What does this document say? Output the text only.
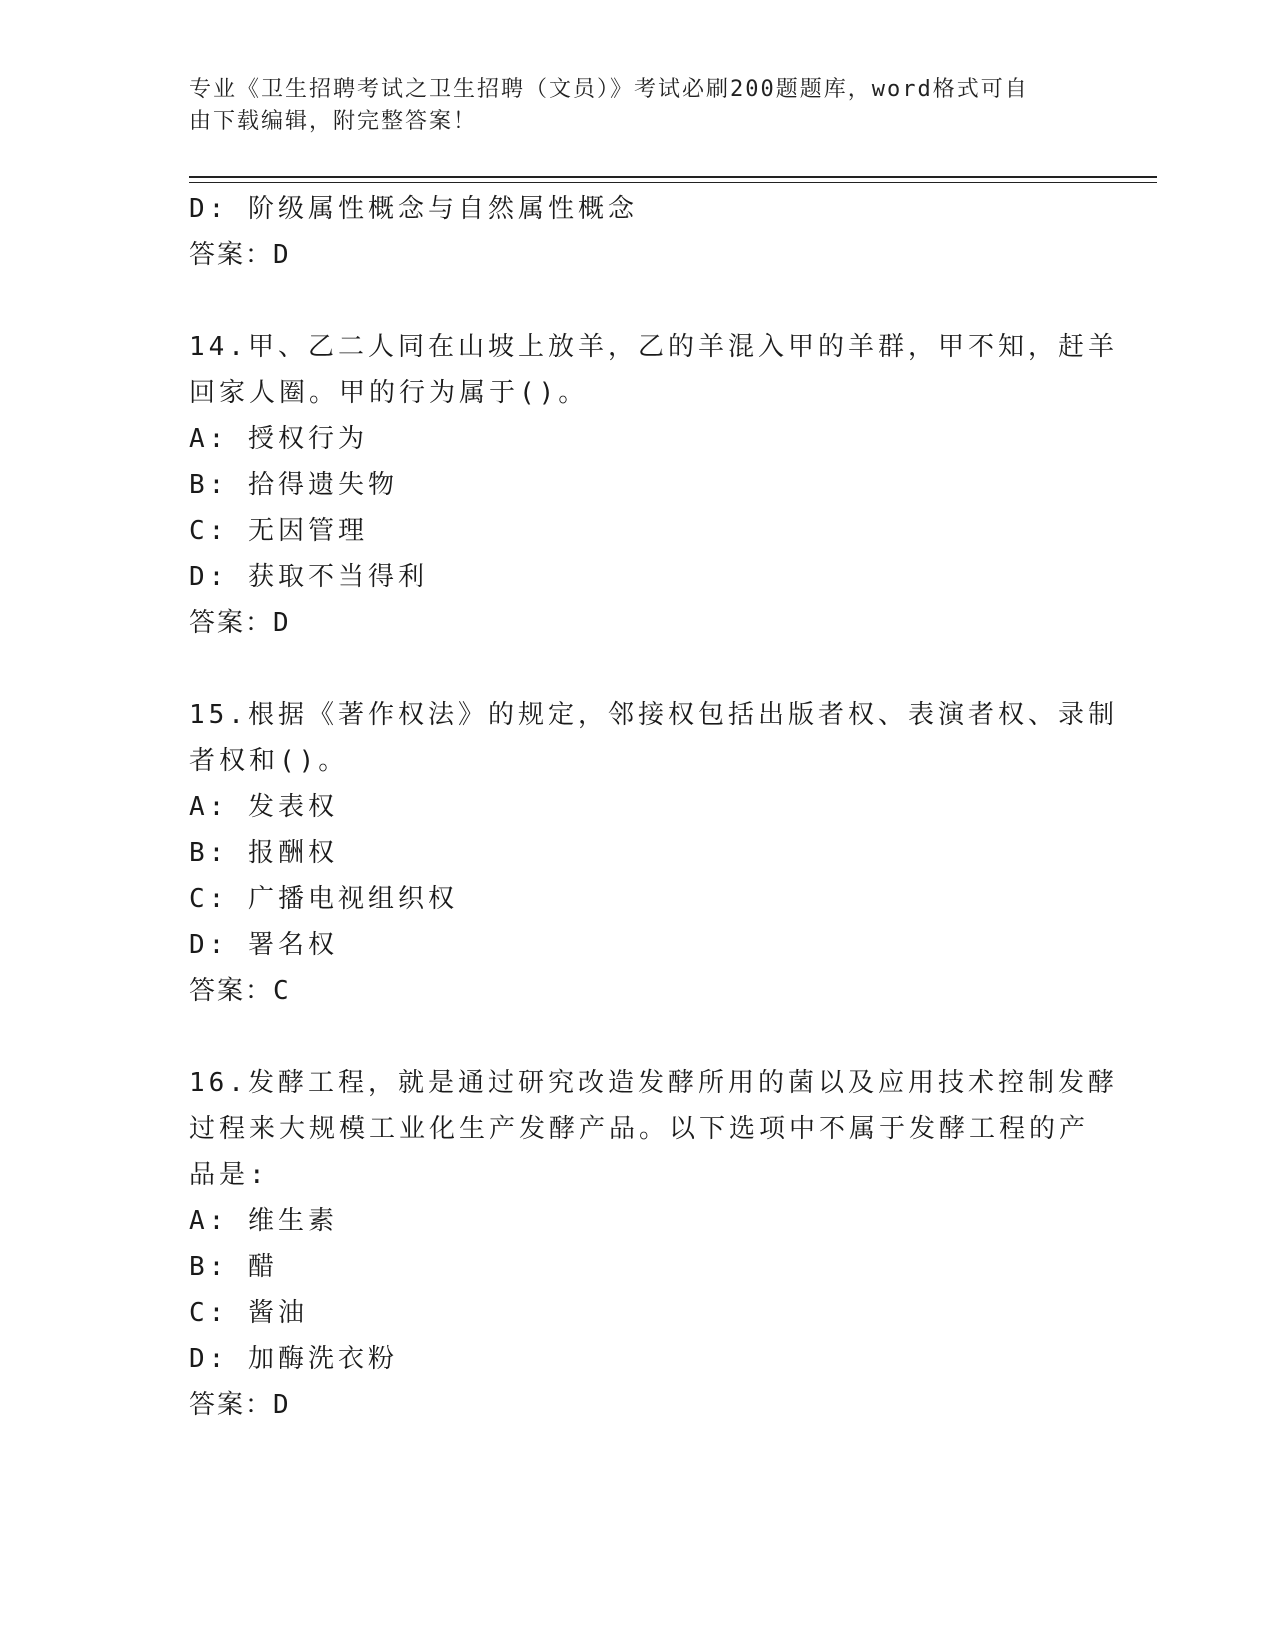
专业《卫生招聘考试之卫生招聘（文员）》考试必刷200题题库，word格式可自
由下载编辑，附完整答案！
D: 阶级属性概念与自然属性概念
答案：D
14.甲、乙二人同在山坡上放羊，乙的羊混入甲的羊群，甲不知，赶羊
回家人圈。甲的行为属于()。
A: 授权行为
B: 拾得遗失物
C: 无因管理
D: 获取不当得利
答案：D
15.根据《著作权法》的规定，邻接权包括出版者权、表演者权、录制
者权和()。
A: 发表权
B: 报酬权
C: 广播电视组织权
D: 署名权
答案：C
16.发酵工程，就是通过研究改造发酵所用的菌以及应用技术控制发酵
过程来大规模工业化生产发酵产品。以下选项中不属于发酵工程的产
品是:
A: 维生素
B: 醋
C: 酱油
D: 加酶洗衣粉
答案：D
